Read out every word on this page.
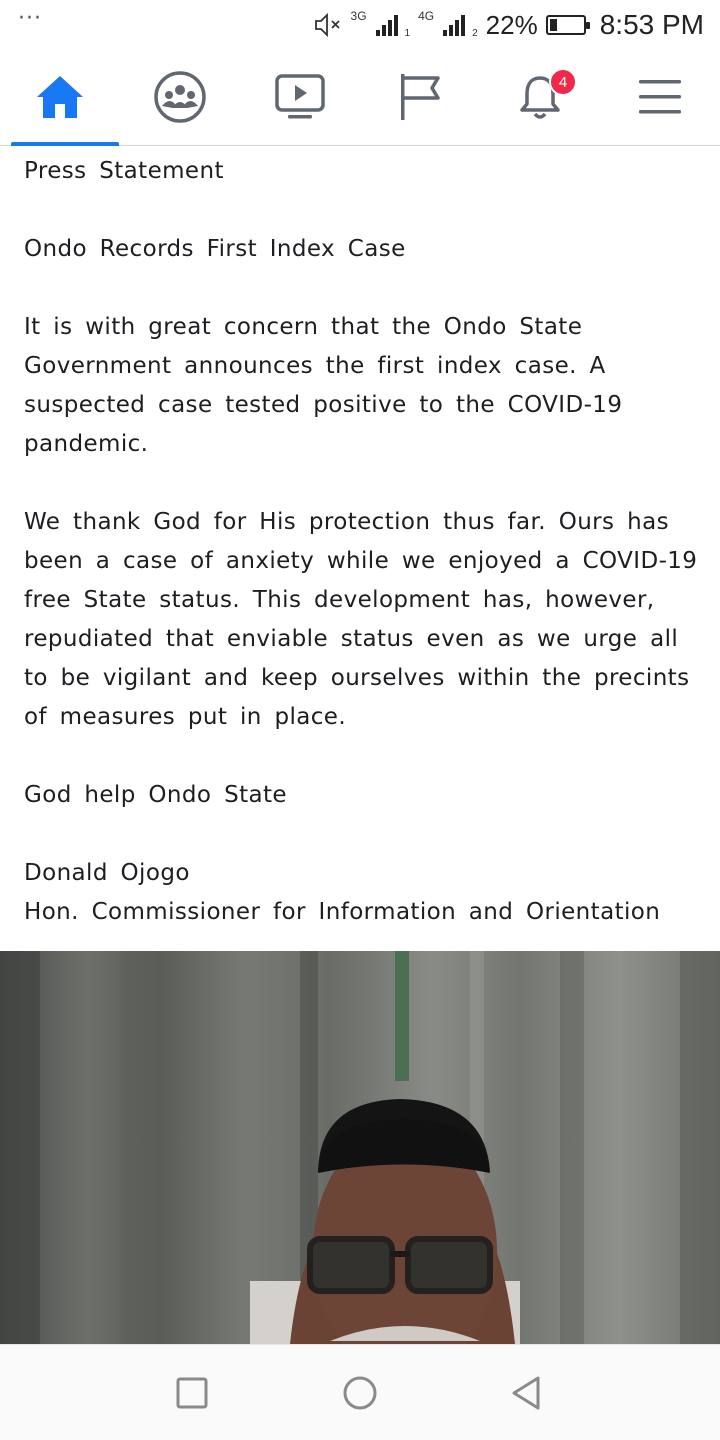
···	3G
1
4G
2 22% 8:53 PM
4

Press Statement

Ondo Records First Index Case

It is with great concern that the Ondo State Government announces the first index case. A suspected case tested positive to the COVID-19 pandemic.

We thank God for His protection thus far. Ours has been a case of anxiety while we enjoyed a COVID-19 free State status. This development has, however, repudiated that enviable status even as we urge all to be vigilant and keep ourselves within the precints of measures put in place.

God help Ondo State

Donald Ojogo

Hon. Commissioner for Information and Orientation
